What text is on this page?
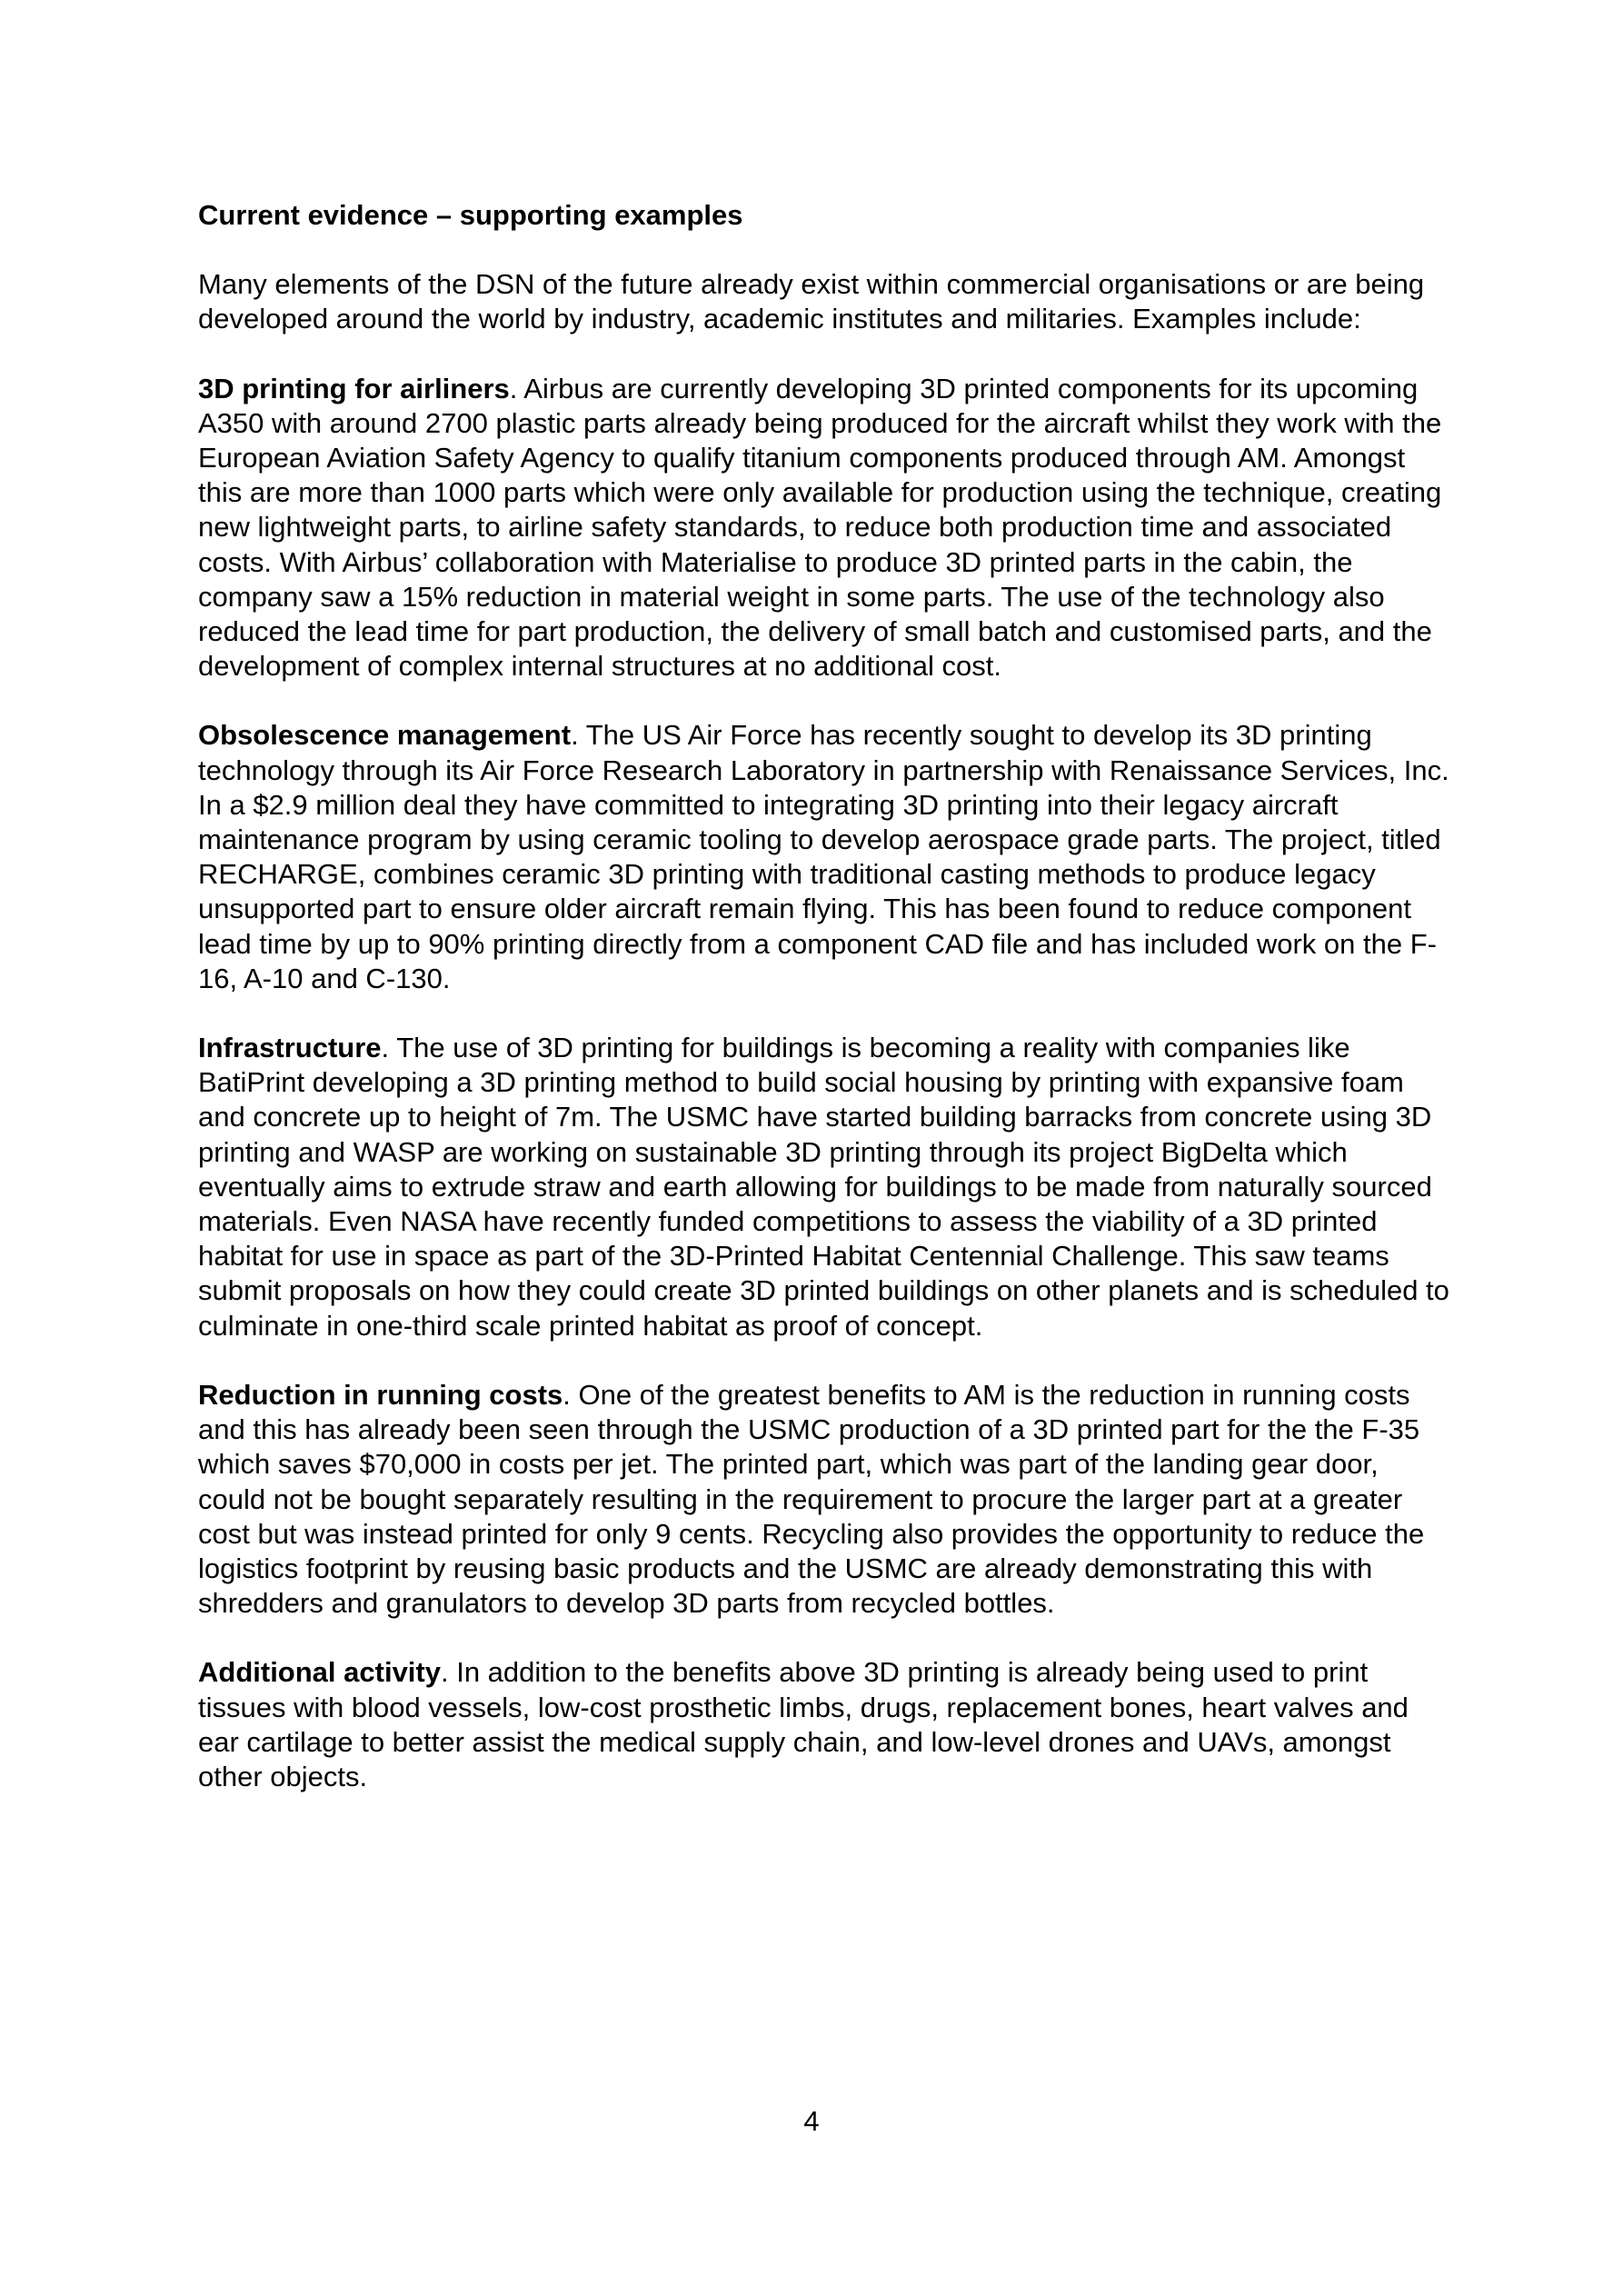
Current evidence – supporting examples

Many elements of the DSN of the future already exist within commercial organisations or are being developed around the world by industry, academic institutes and militaries. Examples include:

3D printing for airliners. Airbus are currently developing 3D printed components for its upcoming A350 with around 2700 plastic parts already being produced for the aircraft whilst they work with the European Aviation Safety Agency to qualify titanium components produced through AM. Amongst this are more than 1000 parts which were only available for production using the technique, creating new lightweight parts, to airline safety standards, to reduce both production time and associated costs. With Airbus’ collaboration with Materialise to produce 3D printed parts in the cabin, the company saw a 15% reduction in material weight in some parts. The use of the technology also reduced the lead time for part production, the delivery of small batch and customised parts, and the development of complex internal structures at no additional cost.

Obsolescence management. The US Air Force has recently sought to develop its 3D printing technology through its Air Force Research Laboratory in partnership with Renaissance Services, Inc. In a $2.9 million deal they have committed to integrating 3D printing into their legacy aircraft maintenance program by using ceramic tooling to develop aerospace grade parts. The project, titled RECHARGE, combines ceramic 3D printing with traditional casting methods to produce legacy unsupported part to ensure older aircraft remain flying. This has been found to reduce component lead time by up to 90% printing directly from a component CAD file and has included work on the F-16, A-10 and C-130.

Infrastructure. The use of 3D printing for buildings is becoming a reality with companies like BatiPrint developing a 3D printing method to build social housing by printing with expansive foam and concrete up to height of 7m. The USMC have started building barracks from concrete using 3D printing and WASP are working on sustainable 3D printing through its project BigDelta which eventually aims to extrude straw and earth allowing for buildings to be made from naturally sourced materials. Even NASA have recently funded competitions to assess the viability of a 3D printed habitat for use in space as part of the 3D-Printed Habitat Centennial Challenge. This saw teams submit proposals on how they could create 3D printed buildings on other planets and is scheduled to culminate in one-third scale printed habitat as proof of concept.

Reduction in running costs. One of the greatest benefits to AM is the reduction in running costs and this has already been seen through the USMC production of a 3D printed part for the the F-35 which saves $70,000 in costs per jet. The printed part, which was part of the landing gear door, could not be bought separately resulting in the requirement to procure the larger part at a greater cost but was instead printed for only 9 cents. Recycling also provides the opportunity to reduce the logistics footprint by reusing basic products and the USMC are already demonstrating this with shredders and granulators to develop 3D parts from recycled bottles.

Additional activity. In addition to the benefits above 3D printing is already being used to print tissues with blood vessels, low-cost prosthetic limbs, drugs, replacement bones, heart valves and ear cartilage to better assist the medical supply chain, and low-level drones and UAVs, amongst other objects.

4
